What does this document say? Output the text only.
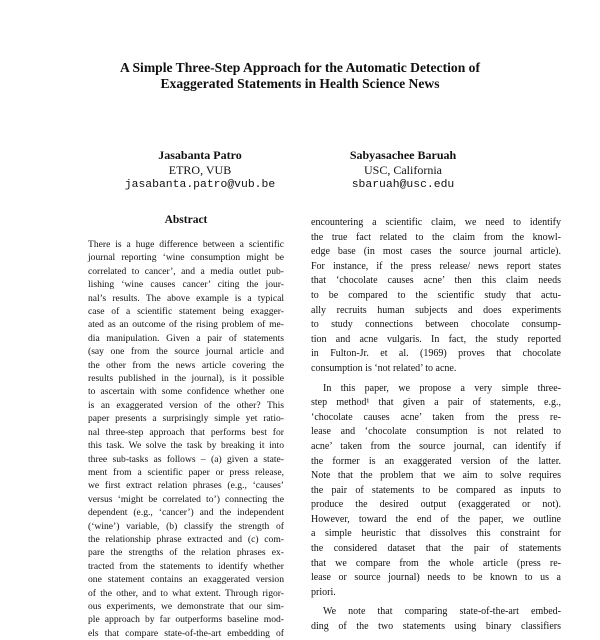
A Simple Three-Step Approach for the Automatic Detection of
Exaggerated Statements in Health Science News
Jasabanta Patro
ETRO, VUB
jasabanta.patro@vub.be
Sabyasachee Baruah
USC, California
sbaruah@usc.edu
Abstract
There is a huge difference between a scientific
journal reporting ‘wine consumption might be
correlated to cancer’, and a media outlet pub-
lishing ‘wine causes cancer’ citing the jour-
nal’s results. The above example is a typical
case of a scientific statement being exagger-
ated as an outcome of the rising problem of me-
dia manipulation. Given a pair of statements
(say one from the source journal article and
the other from the news article covering the
results published in the journal), is it possible
to ascertain with some confidence whether one
is an exaggerated version of the other? This
paper presents a surprisingly simple yet ratio-
nal three-step approach that performs best for
this task. We solve the task by breaking it into
three sub-tasks as follows – (a) given a state-
ment from a scientific paper or press release,
we first extract relation phrases (e.g., ‘causes’
versus ‘might be correlated to’) connecting the
dependent (e.g., ‘cancer’) and the independent
(‘wine’) variable, (b) classify the strength of
the relationship phrase extracted and (c) com-
pare the strengths of the relation phrases ex-
tracted from the statements to identify whether
one statement contains an exaggerated version
of the other, and to what extent. Through rigor-
ous experiments, we demonstrate that our sim-
ple approach by far outperforms baseline mod-
els that compare state-of-the-art embedding of
encountering a scientific claim, we need to identify
the true fact related to the claim from the knowl-
edge base (in most cases the source journal article).
For instance, if the press release/ news report states
that ‘chocolate causes acne’ then this claim needs
to be compared to the scientific study that actu-
ally recruits human subjects and does experiments
to study connections between chocolate consump-
tion and acne vulgaris. In fact, the study reported
in Fulton-Jr. et al. (1969) proves that chocolate
consumption is ‘not related’ to acne.
In this paper, we propose a very simple three-
step method¹ that given a pair of statements, e.g.,
‘chocolate causes acne’ taken from the press re-
lease and ‘chocolate consumption is not related to
acne’ taken from the source journal, can identify if
the former is an exaggerated version of the latter.
Note that the problem that we aim to solve requires
the pair of statements to be compared as inputs to
produce the desired output (exaggerated or not).
However, toward the end of the paper, we outline
a simple heuristic that dissolves this constraint for
the considered dataset that the pair of statements
that we compare from the whole article (press re-
lease or source journal) needs to be known to us a
priori.
We note that comparing state-of-the-art embed-
ding of the two statements using binary classifiers
